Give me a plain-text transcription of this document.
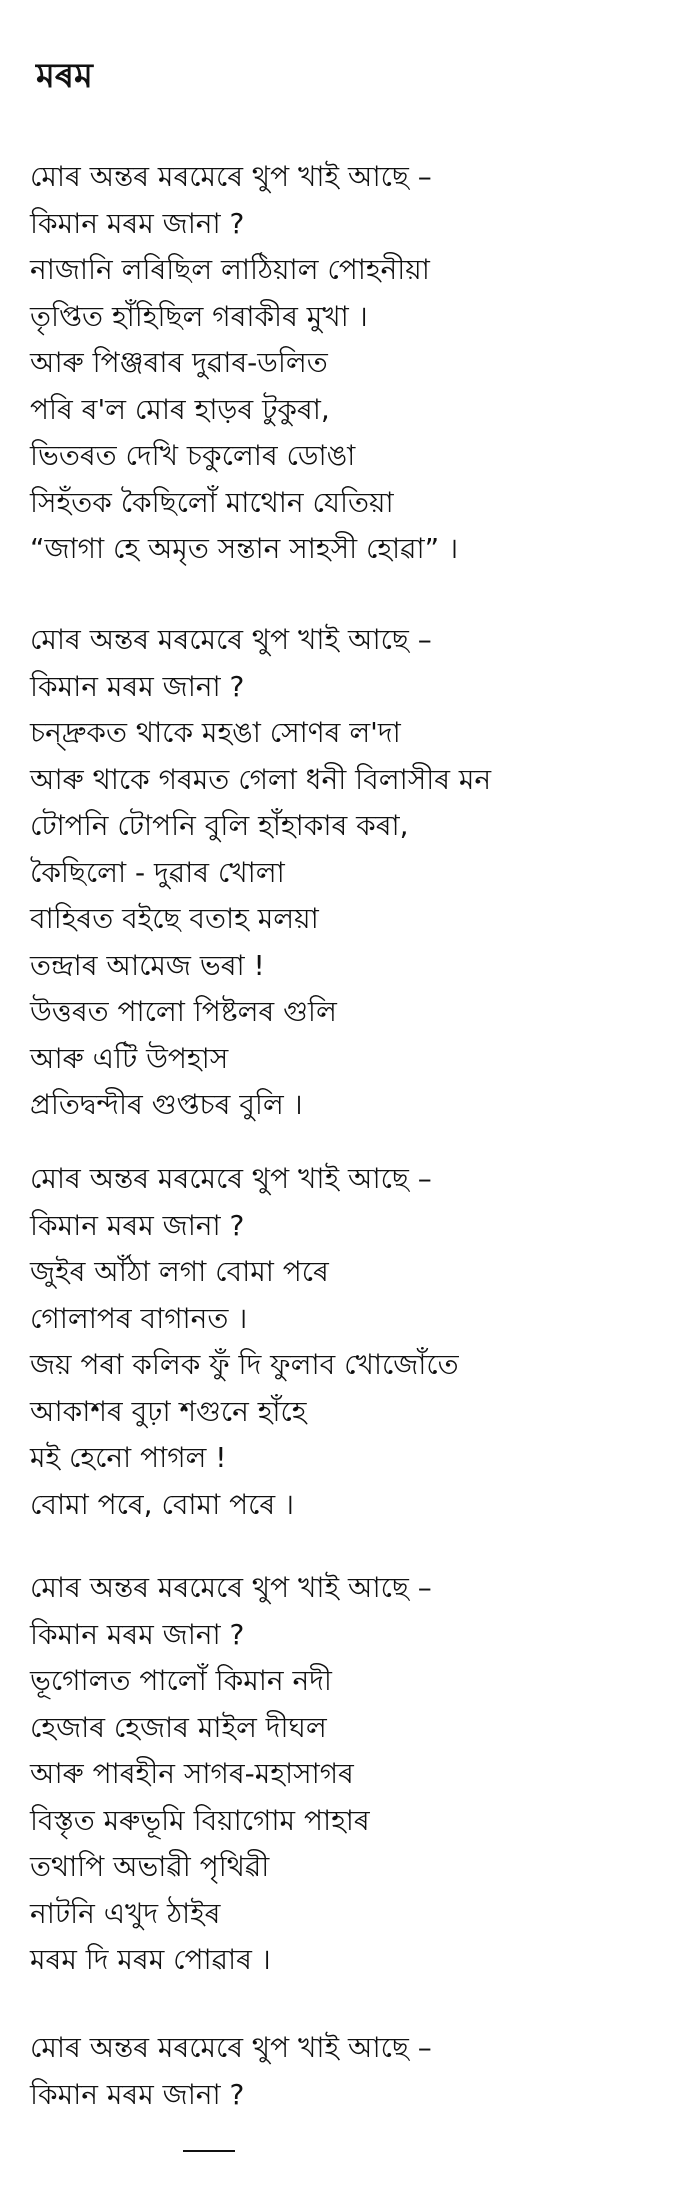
মৰম
মোৰ অন্তৰ মৰমেৰে থুপ খাই আছে –
কিমান মৰম জানা ?
নাজানি লৰিছিল লাঠিয়াল পোহনীয়া
তৃপ্তিত হাঁহিছিল গৰাকীৰ মুখা ।
আৰু পিঞ্জৰাৰ দুৱাৰ-ডলিত
পৰি ৰ'ল মোৰ হাড়ৰ টুকুৰা,
ভিতৰত দেখি চকুলোৰ ডোঙা
সিহঁতক কৈছিলোঁ মাথোন যেতিয়া
“জাগা হে অমৃত সন্তান সাহসী হোৱা” ।
মোৰ অন্তৰ মৰমেৰে থুপ খাই আছে –
কিমান মৰম জানা ?
চন্দ্ৰুকত থাকে মহঙা সোণৰ ল'দা
আৰু থাকে গৰমত গেলা ধনী বিলাসীৰ মন
টোপনি টোপনি বুলি হাঁহাকাৰ কৰা,
কৈছিলো - দুৱাৰ খোলা
বাহিৰত বইছে বতাহ মলয়া
তন্দ্ৰাৰ আমেজ ভৰা !
উত্তৰত পালো পিষ্টলৰ গুলি
আৰু এটি উপহাস
প্ৰতিদ্বন্দীৰ গুপ্তচৰ বুলি ।
মোৰ অন্তৰ মৰমেৰে থুপ খাই আছে –
কিমান মৰম জানা ?
জুইৰ আঁঠা লগা বোমা পৰে
গোলাপৰ বাগানত ।
জয় পৰা কলিক ফুঁ দি ফুলাব খোজোঁতে
আকাশৰ বুঢ়া শগুনে হাঁহে
মই হেনো পাগল !
বোমা পৰে, বোমা পৰে ।
মোৰ অন্তৰ মৰমেৰে থুপ খাই আছে –
কিমান মৰম জানা ?
ভূগোলত পালোঁ কিমান নদী
হেজাৰ হেজাৰ মাইল দীঘল
আৰু পাৰহীন সাগৰ-মহাসাগৰ
বিস্তৃত মৰুভূমি বিয়াগোম পাহাৰ
তথাপি অভাৱী পৃথিৱী
নাটনি এখুদ ঠাইৰ
মৰম দি মৰম পোৱাৰ ।
মোৰ অন্তৰ মৰমেৰে থুপ খাই আছে –
কিমান মৰম জানা ?
